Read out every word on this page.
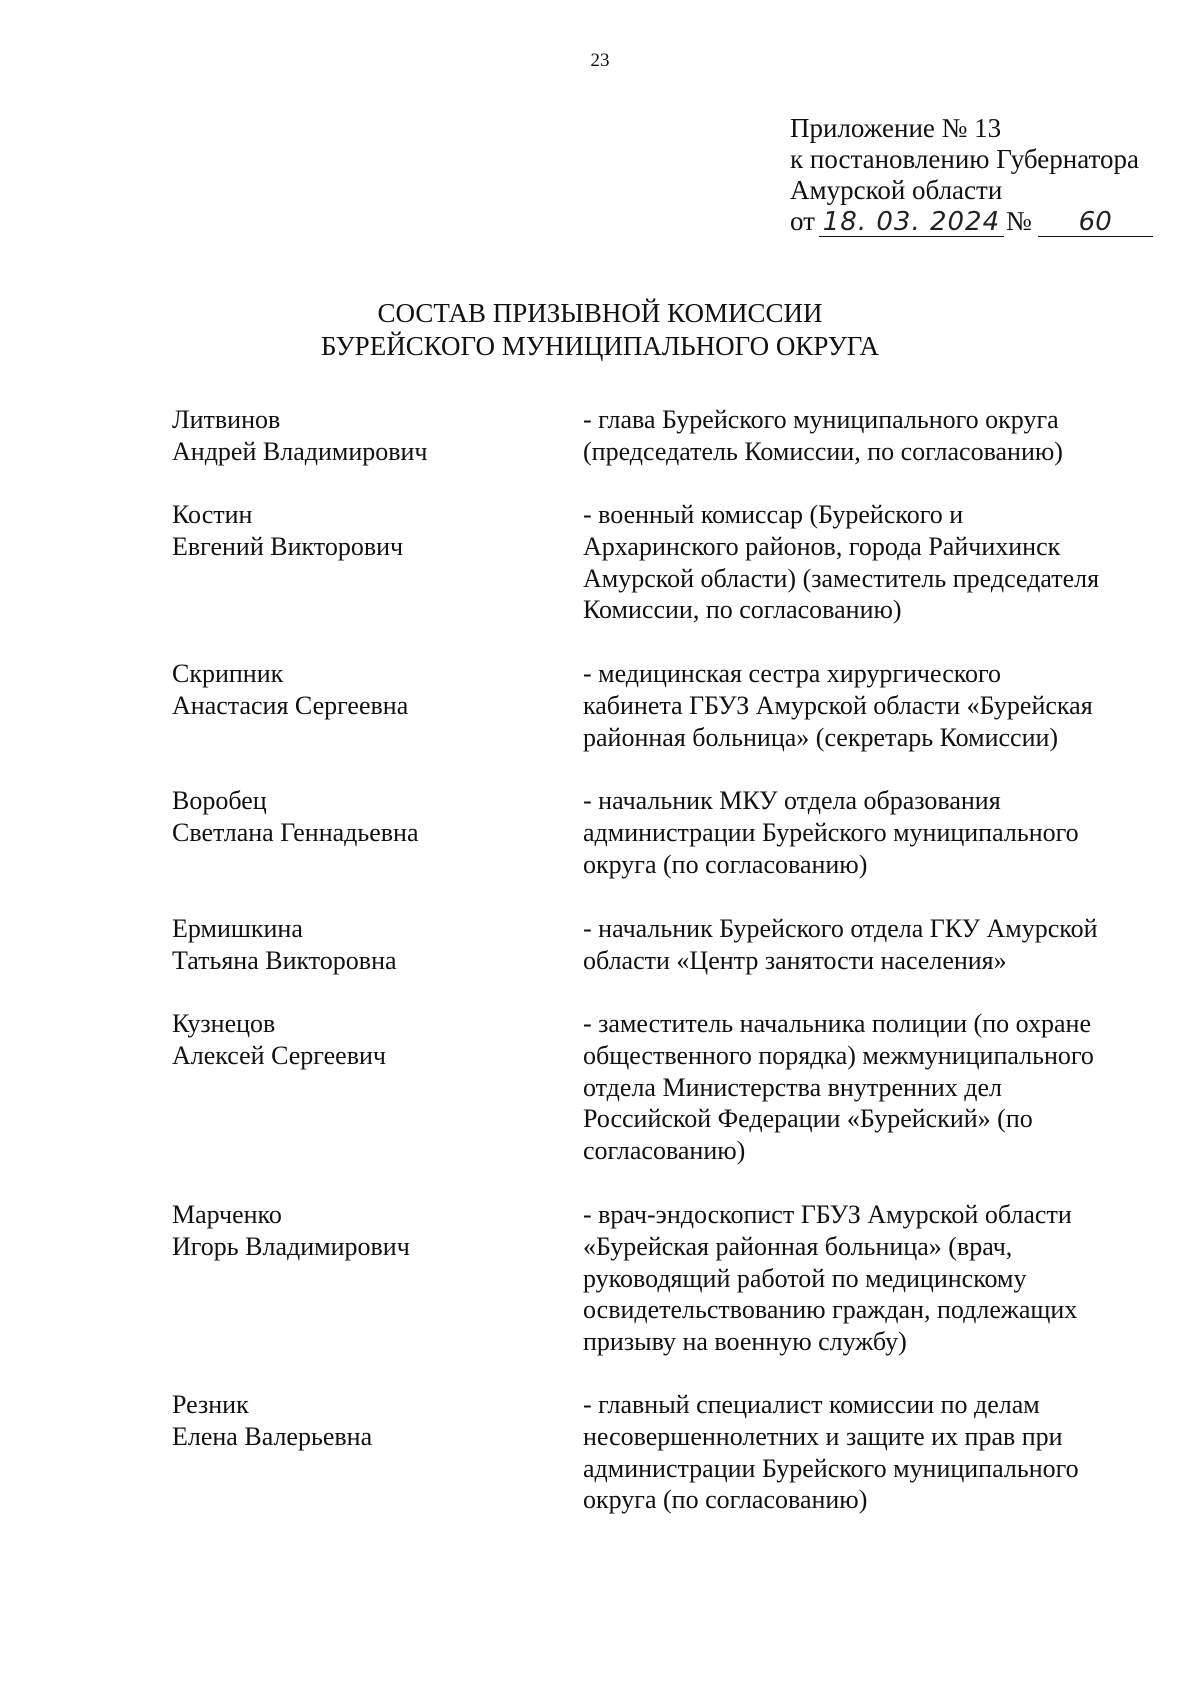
23
Приложение № 13
к постановлению Губернатора
Амурской области
от 18. 03. 2024 № 60
СОСТАВ ПРИЗЫВНОЙ КОМИССИИ
БУРЕЙСКОГО МУНИЦИПАЛЬНОГО ОКРУГА
Литвинов
Андрей Владимирович
- глава Бурейского муниципального округа
(председатель Комиссии, по согласованию)
Костин
Евгений Викторович
- военный комиссар (Бурейского и
Архаринского районов, города Райчихинск
Амурской области) (заместитель председателя
Комиссии, по согласованию)
Скрипник
Анастасия Сергеевна
- медицинская сестра хирургического
кабинета ГБУЗ Амурской области «Бурейская
районная больница» (секретарь Комиссии)
Воробец
Светлана Геннадьевна
- начальник МКУ отдела образования
администрации Бурейского муниципального
округа (по согласованию)
Ермишкина
Татьяна Викторовна
- начальник Бурейского отдела ГКУ Амурской
области «Центр занятости населения»
Кузнецов
Алексей Сергеевич
- заместитель начальника полиции (по охране
общественного порядка) межмуниципального
отдела Министерства внутренних дел
Российской Федерации «Бурейский» (по
согласованию)
Марченко
Игорь Владимирович
- врач-эндоскопист ГБУЗ Амурской области
«Бурейская районная больница» (врач,
руководящий работой по медицинскому
освидетельствованию граждан, подлежащих
призыву на военную службу)
Резник
Елена Валерьевна
- главный специалист комиссии по делам
несовершеннолетних и защите их прав при
администрации Бурейского муниципального
округа (по согласованию)
